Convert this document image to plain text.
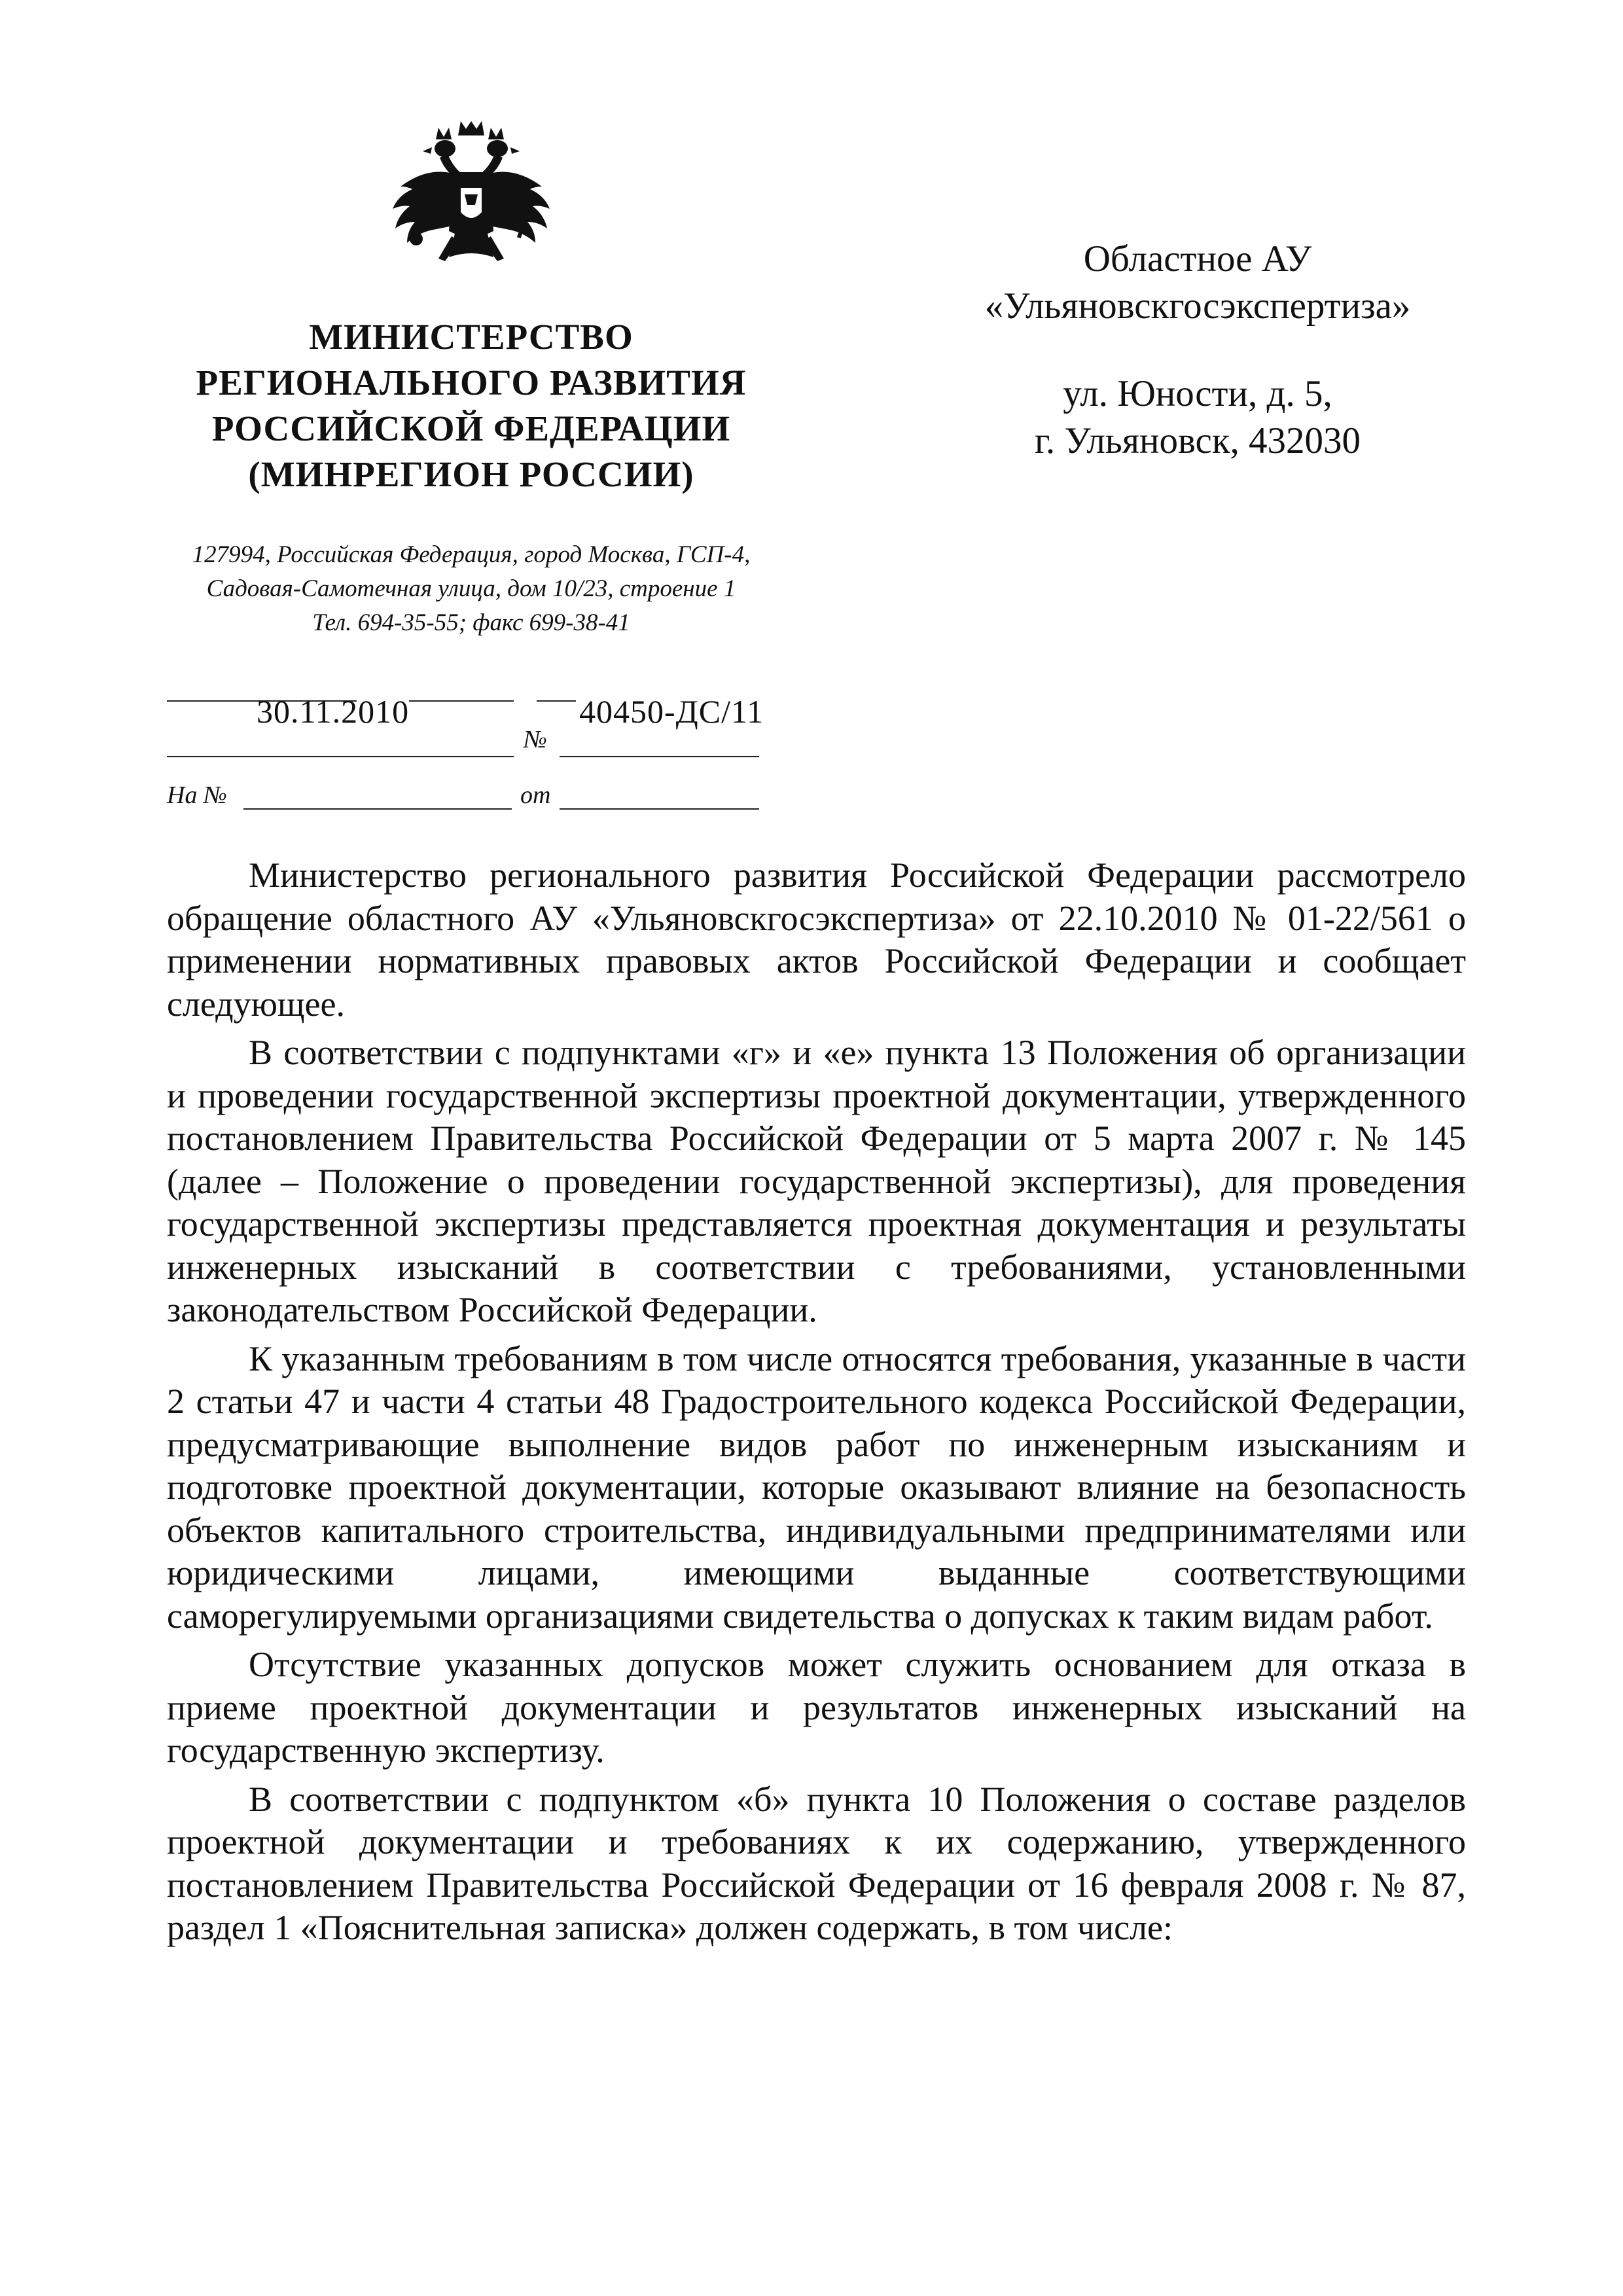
МИНИСТЕРСТВО
РЕГИОНАЛЬНОГО РАЗВИТИЯ
РОССИЙСКОЙ ФЕДЕРАЦИИ
(МИНРЕГИОН РОССИИ)
127994, Российская Федерация, город Москва, ГСП-4,
Садовая-Самотечная улица, дом 10/23, строение 1
Тел. 694-35-55; факс 699-38-41
Областное АУ
«Ульяновскгосэкспертиза»
ул. Юности, д. 5,
г. Ульяновск, 432030
30.11.2010
№
40450-ДС/11
На №	от

Министерство регионального развития Российской Федерации рассмотрело обращение областного АУ «Ульяновскгосэкспертиза» от 22.10.2010 № 01-22/561 о применении нормативных правовых актов Российской Федерации и сообщает следующее.

В соответствии с подпунктами «г» и «е» пункта 13 Положения об организации и проведении государственной экспертизы проектной документации, утвержденного постановлением Правительства Российской Федерации от 5 марта 2007 г. № 145 (далее – Положение о проведении государственной экспертизы), для проведения государственной экспертизы представляется проектная документация и результаты инженерных изысканий в соответствии с требованиями, установленными законодательством Российской Федерации.

К указанным требованиям в том числе относятся требования, указанные в части 2 статьи 47 и части 4 статьи 48 Градостроительного кодекса Российской Федерации, предусматривающие выполнение видов работ по инженерным изысканиям и подготовке проектной документации, которые оказывают влияние на безопасность объектов капитального строительства, индивидуальными предпринимателями или юридическими лицами, имеющими выданные соответствующими саморегулируемыми организациями свидетельства о допусках к таким видам работ.

Отсутствие указанных допусков может служить основанием для отказа в приеме проектной документации и результатов инженерных изысканий на государственную экспертизу.

В соответствии с подпунктом «б» пункта 10 Положения о составе разделов проектной документации и требованиях к их содержанию, утвержденного постановлением Правительства Российской Федерации от 16 февраля 2008 г. № 87, раздел 1 «Пояснительная записка» должен содержать, в том числе:
